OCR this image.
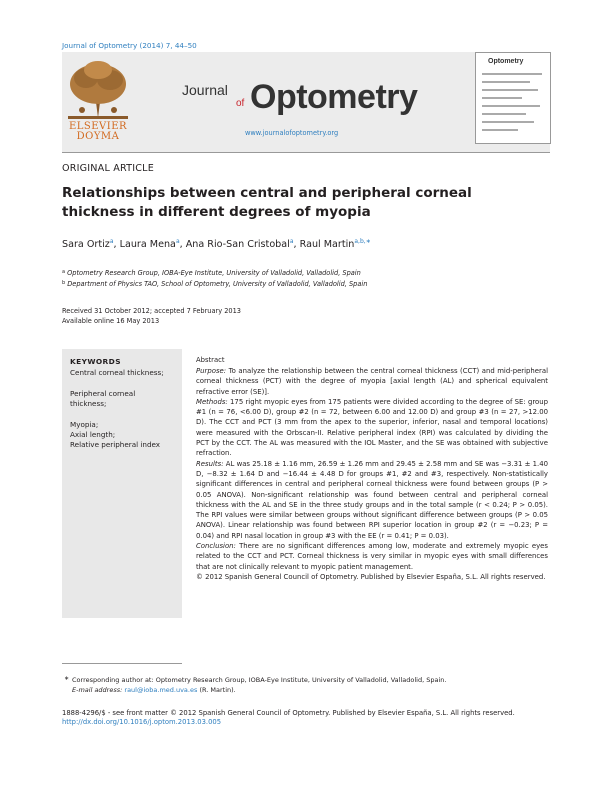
Journal of Optometry (2014) 7, 44–50
ELSEVIER
DOYMA
Journal
of Optometry
www.journalofoptometry.org
Optometry
ORIGINAL ARTICLE
Relationships between central and peripheral corneal thickness in different degrees of myopia
Sara Ortiz$^a$, Laura Mena$^a$, Ana Rio-San Cristobal$^a$, Raul Martin$^{a,b,∗}$
$^a$ Optometry Research Group, IOBA-Eye Institute, University of Valladolid, Valladolid, Spain
$^b$ Department of Physics TAO, School of Optometry, University of Valladolid, Valladolid, Spain
Received 31 October 2012; accepted 7 February 2013
Available online 16 May 2013
KEYWORDS
Central corneal thickness;
Peripheral corneal thickness;
Myopia;
Axial length;
Relative peripheral index
Abstract

Purpose: To analyze the relationship between the central corneal thickness (CCT) and mid-peripheral corneal thickness (PCT) with the degree of myopia [axial length (AL) and spherical equivalent refractive error (SE)].

Methods: 175 right myopic eyes from 175 patients were divided according to the degree of SE: group #1 (n = 76, <6.00 D), group #2 (n = 72, between 6.00 and 12.00 D) and group #3 (n = 27, >12.00 D). The CCT and PCT (3 mm from the apex to the superior, inferior, nasal and temporal locations) were measured with the Orbscan-II. Relative peripheral index (RPI) was calculated by dividing the PCT by the CCT. The AL was measured with the IOL Master, and the SE was obtained with subjective refraction.

Results: AL was 25.18 ± 1.16 mm, 26.59 ± 1.26 mm and 29.45 ± 2.58 mm and SE was −3.31 ± 1.40 D, −8.32 ± 1.64 D and −16.44 ± 4.48 D for groups #1, #2 and #3, respectively. Non-statistically significant differences in central and peripheral corneal thickness were found between groups (P > 0.05 ANOVA). Non-significant relationship was found between central and peripheral corneal thickness with the AL and SE in the three study groups and in the total sample (r < 0.24; P > 0.05). The RPI values were similar between groups without significant difference between groups (P > 0.05 ANOVA). Linear relationship was found between RPI superior location in group #2 (r = −0.23; P = 0.04) and RPI nasal location in group #3 with the EE (r = 0.41; P = 0.03).

Conclusion: There are no significant differences among low, moderate and extremely myopic eyes related to the CCT and PCT. Corneal thickness is very similar in myopic eyes with small differences that are not clinically relevant to myopic patient management.

© 2012 Spanish General Council of Optometry. Published by Elsevier España, S.L. All rights reserved.

∗ Corresponding author at: Optometry Research Group, IOBA-Eye Institute, University of Valladolid, Valladolid, Spain.
E-mail address: raul@ioba.med.uva.es (R. Martin).
1888-4296/$ - see front matter © 2012 Spanish General Council of Optometry. Published by Elsevier España, S.L. All rights reserved.
http://dx.doi.org/10.1016/j.optom.2013.03.005
